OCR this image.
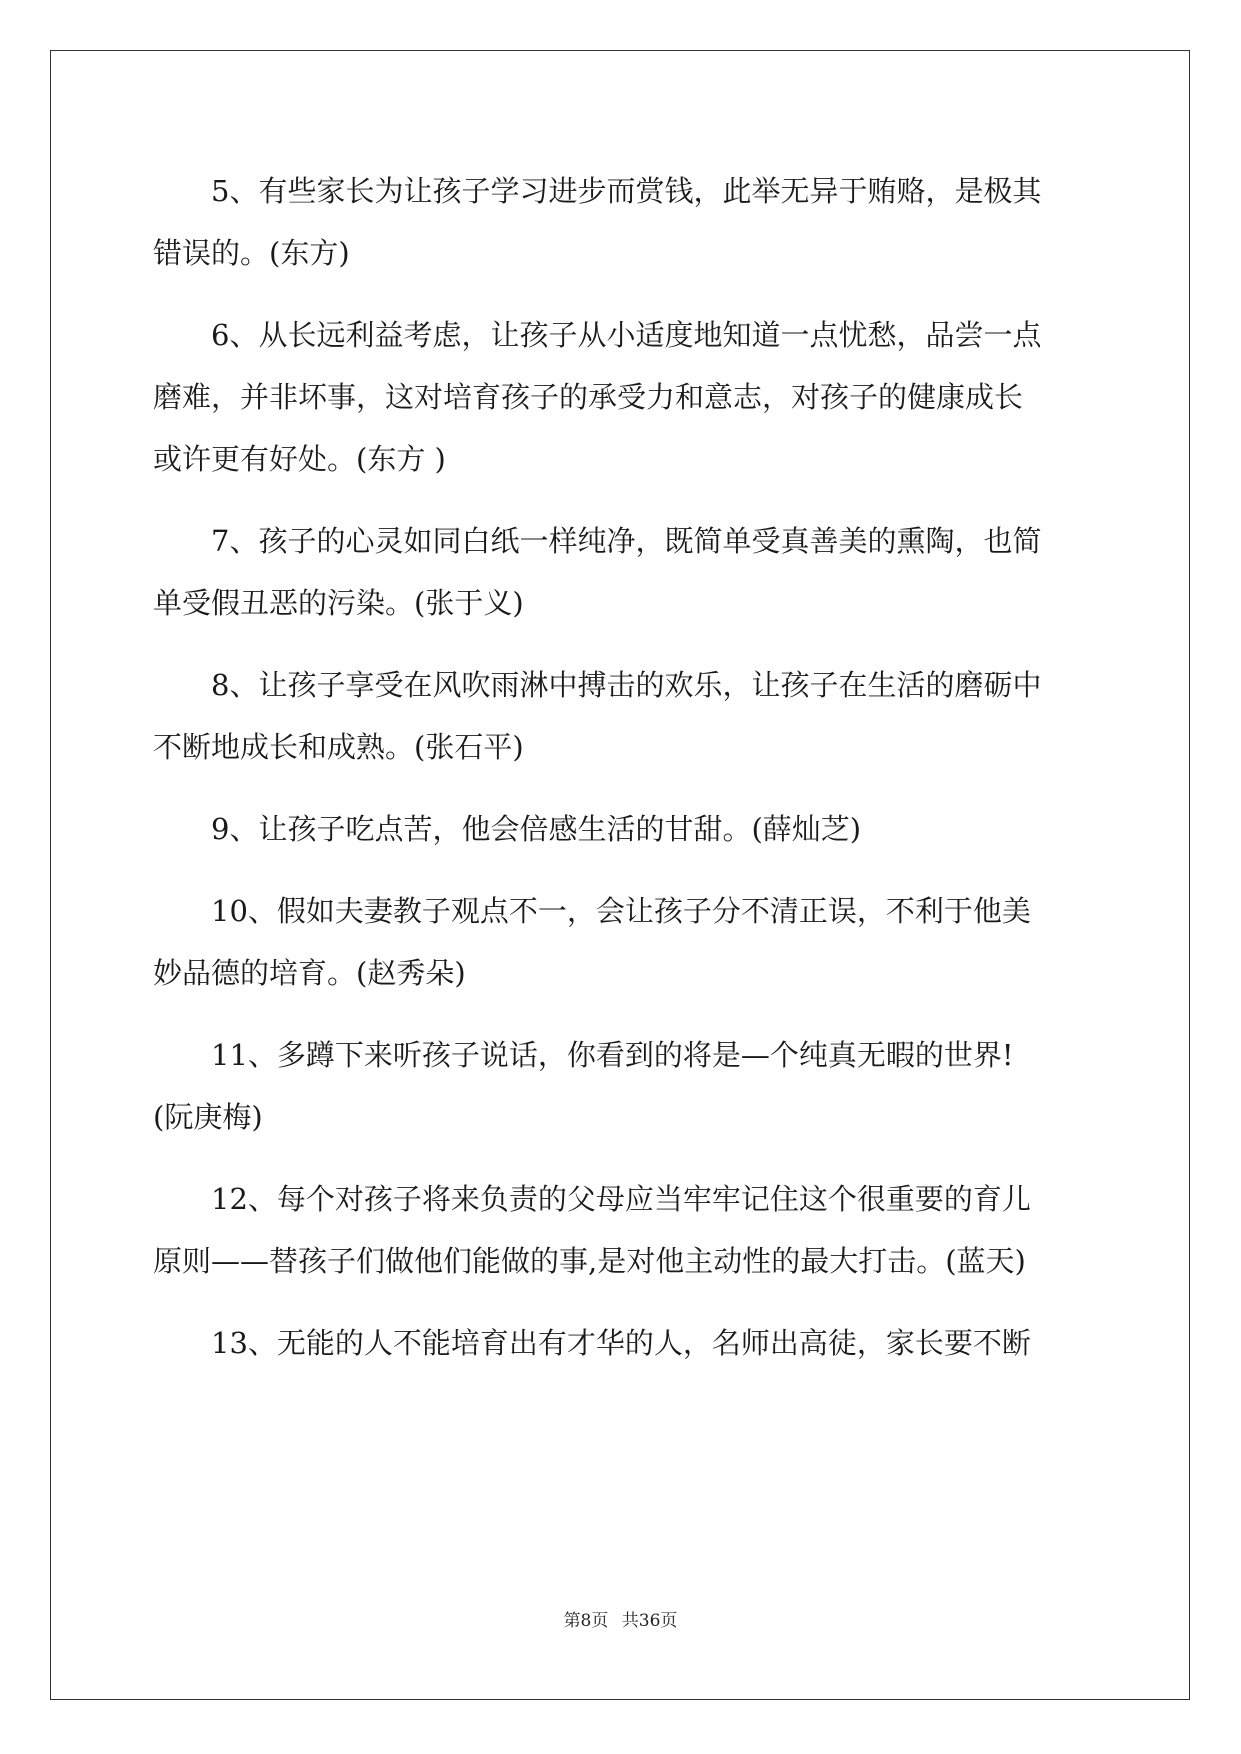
5、有些家长为让孩子学习进步而赏钱，此举无异于贿赂，是极其
错误的。(东方)
6、从长远利益考虑，让孩子从小适度地知道一点忧愁，品尝一点
磨难，并非坏事，这对培育孩子的承受力和意志，对孩子的健康成长
或许更有好处。(东方 )
7、孩子的心灵如同白纸一样纯净，既简单受真善美的熏陶，也简
单受假丑恶的污染。(张于义)
8、让孩子享受在风吹雨淋中搏击的欢乐，让孩子在生活的磨砺中
不断地成长和成熟。(张石平)
9、让孩子吃点苦，他会倍感生活的甘甜。(薛灿芝)
10、假如夫妻教子观点不一，会让孩子分不清正误，不利于他美
妙品德的培育。(赵秀朵)
11、多蹲下来听孩子说话，你看到的将是—个纯真无暇的世界!
(阮庚梅)
12、每个对孩子将来负责的父母应当牢牢记住这个很重要的育儿
原则——替孩子们做他们能做的事,是对他主动性的最大打击。(蓝天)
13、无能的人不能培育出有才华的人，名师出高徒，家长要不断
第8页 共36页
